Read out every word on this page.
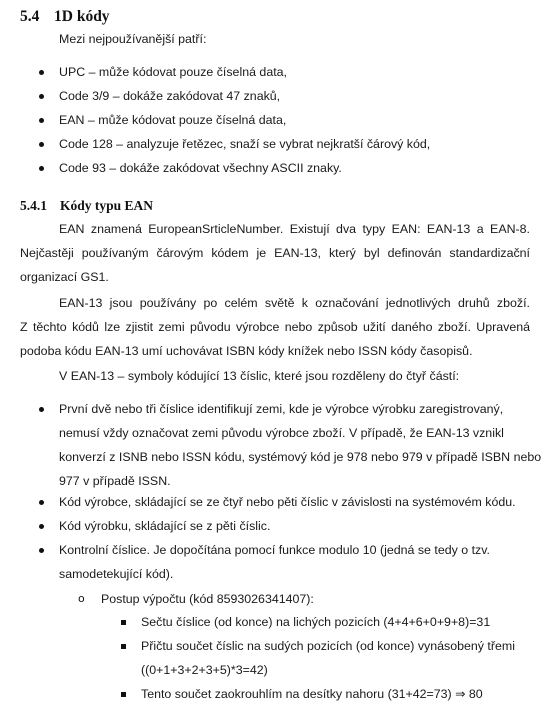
5.4 1D kódy
Mezi nejpoužívanější patří:
UPC – může kódovat pouze číselná data,
Code 3/9 – dokáže zakódovat 47 znaků,
EAN – může kódovat pouze číselná data,
Code 128 – analyzuje řetězec, snaží se vybrat nejkratší čárový kód,
Code 93 – dokáže zakódovat všechny ASCII znaky.
5.4.1 Kódy typu EAN
EAN znamená EuropeanSrticleNumber. Existují dva typy EAN: EAN-13 a EAN-8.
Nejčastěji používaným čárovým kódem je EAN-13, který byl definován standardizační
organizací GS1.
EAN-13 jsou používány po celém světě k označování jednotlivých druhů zboží.
Z těchto kódů lze zjistit zemi původu výrobce nebo způsob užití daného zboží. Upravená
podoba kódu EAN-13 umí uchovávat ISBN kódy knížek nebo ISSN kódy časopisů.
V EAN-13 – symboly kódující 13 číslic, které jsou rozděleny do čtyř částí:
První dvě nebo tři číslice identifikují zemi, kde je výrobce výrobku zaregistrovaný,
nemusí vždy označovat zemi původu výrobce zboží. V případě, že EAN-13 vznikl
konverzí z ISNB nebo ISSN kódu, systémový kód je 978 nebo 979 v případě ISBN nebo
977 v případě ISSN.
Kód výrobce, skládající se ze čtyř nebo pěti číslic v závislosti na systémovém kódu.
Kód výrobku, skládající se z pěti číslic.
Kontrolní číslice. Je dopočítána pomocí funkce modulo 10 (jedná se tedy o tzv.
samodetekující kód).
o Postup výpočtu (kód 8593026341407):
Sečtu číslice (od konce) na lichých pozicích (4+4+6+0+9+8)=31
Přičtu součet číslic na sudých pozicích (od konce) vynásobený třemi
((0+1+3+2+3+5)*3=42)
Tento součet zaokrouhlím na desítky nahoru (31+42=73) ⇒ 80
